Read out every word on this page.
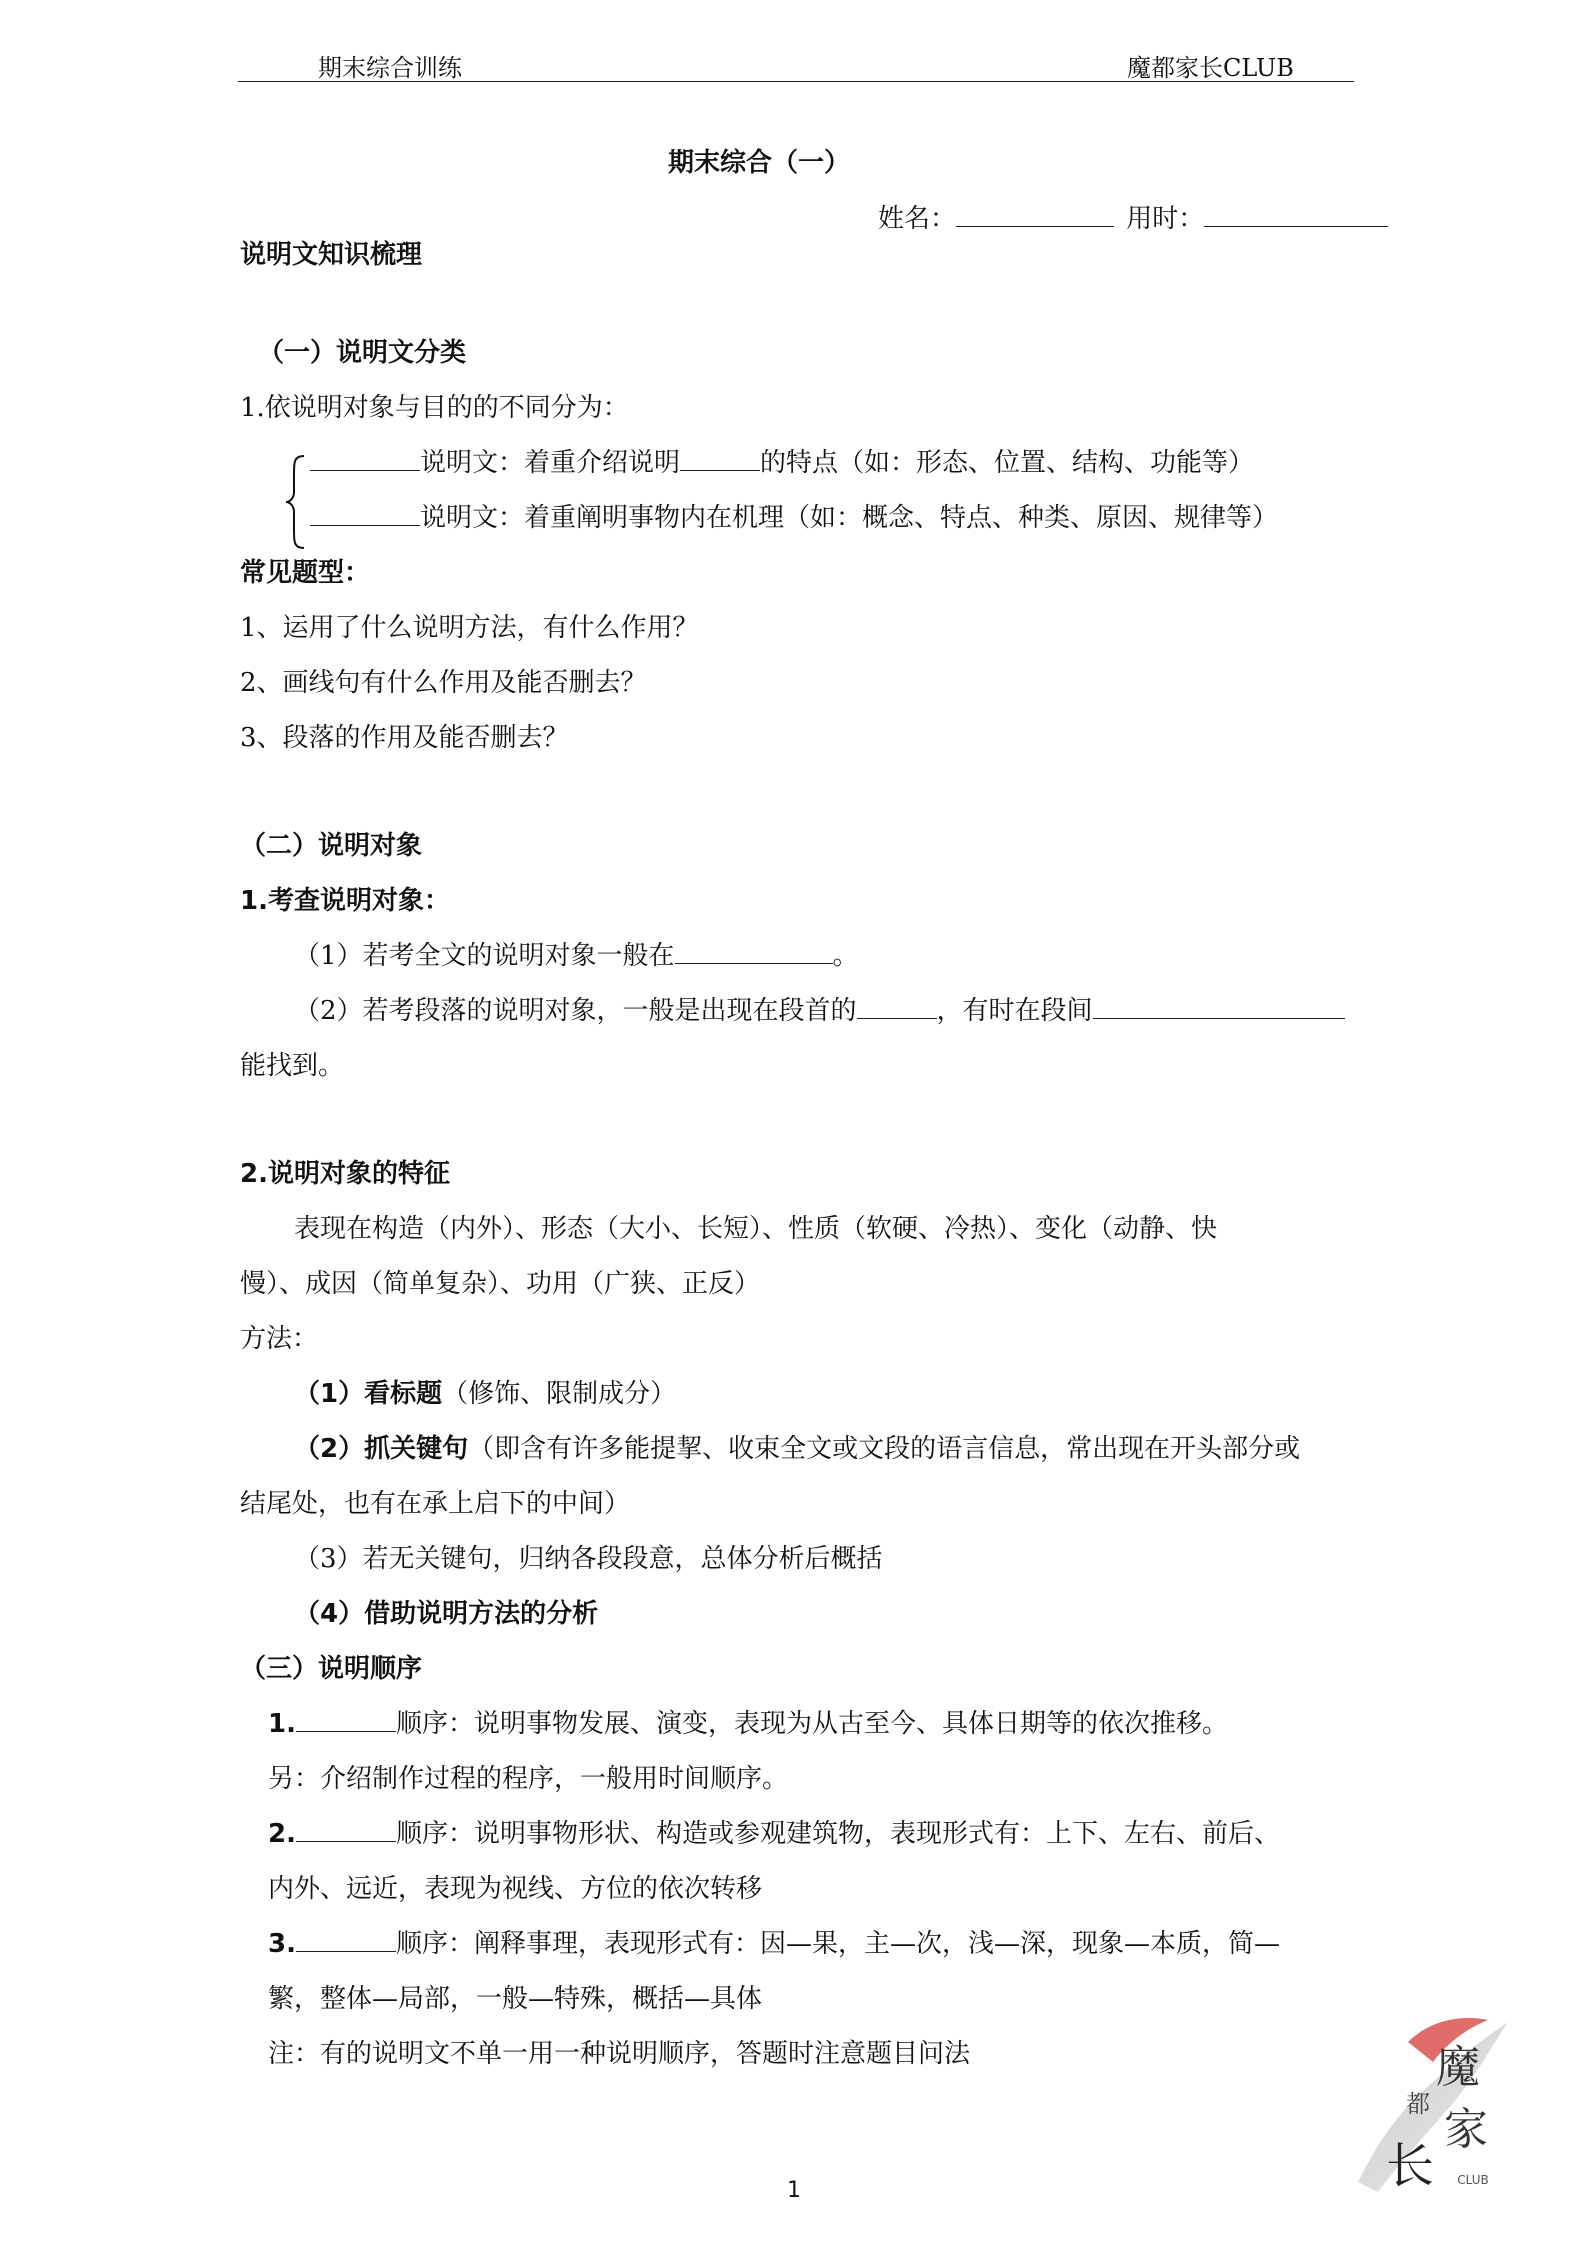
期末综合训练	魔都家长CLUB
期末综合（一）
姓名：	用时：
说明文知识梳理
（一）说明文分类
1.依说明对象与目的的不同分为：
说明文：着重介绍说明	的特点（如：形态、位置、结构、功能等）
说明文：着重阐明事物内在机理（如：概念、特点、种类、原因、规律等）
常见题型：
1、运用了什么说明方法，有什么作用？
2、画线句有什么作用及能否删去？
3、段落的作用及能否删去？
（二）说明对象
1.考查说明对象：
（1）若考全文的说明对象一般在	。
（2）若考段落的说明对象，一般是出现在段首的	，有时在段间
能找到。
2.说明对象的特征
表现在构造（内外）、形态（大小、长短）、性质（软硬、冷热）、变化（动静、快
慢）、成因（简单复杂）、功用（广狭、正反）
方法：
（1）看标题（修饰、限制成分）
（2）抓关键句（即含有许多能提挈、收束全文或文段的语言信息，常出现在开头部分或
结尾处，也有在承上启下的中间）
（3）若无关键句，归纳各段段意，总体分析后概括
（4）借助说明方法的分析
（三）说明顺序
1.	顺序：说明事物发展、演变，表现为从古至今、具体日期等的依次推移。
另：介绍制作过程的程序，一般用时间顺序。
2.	顺序：说明事物形状、构造或参观建筑物，表现形式有：上下、左右、前后、
内外、远近，表现为视线、方位的依次转移
3.	顺序：阐释事理，表现形式有：因—果，主—次，浅—深，现象—本质，简—
繁，整体—局部，一般—特殊，概括—具体
注：有的说明文不单一用一种说明顺序，答题时注意题目问法	魔
都 家
长 CLUB
1
